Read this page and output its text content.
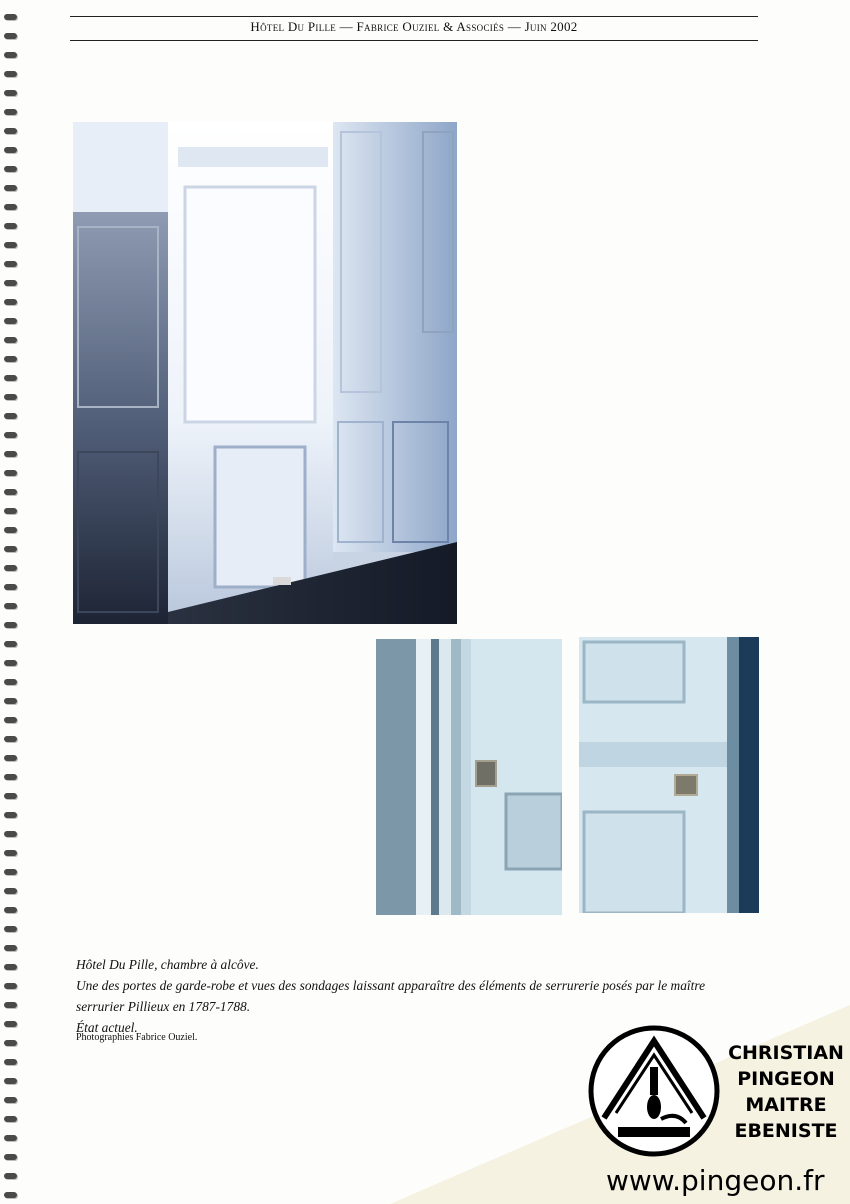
Hôtel Du Pille — Fabrice Ouziel & Associés — Juin 2002
Hôtel Du Pille, chambre à alcôve.
Une des portes de garde-robe et vues des sondages laissant apparaître des éléments de serrurerie posés par le maître
serrurier Pillieux en 1787-1788.
État actuel.
Photographies Fabrice Ouziel.
CHRISTIAN
PINGEON
MAITRE
EBENISTE
www.pingeon.fr
